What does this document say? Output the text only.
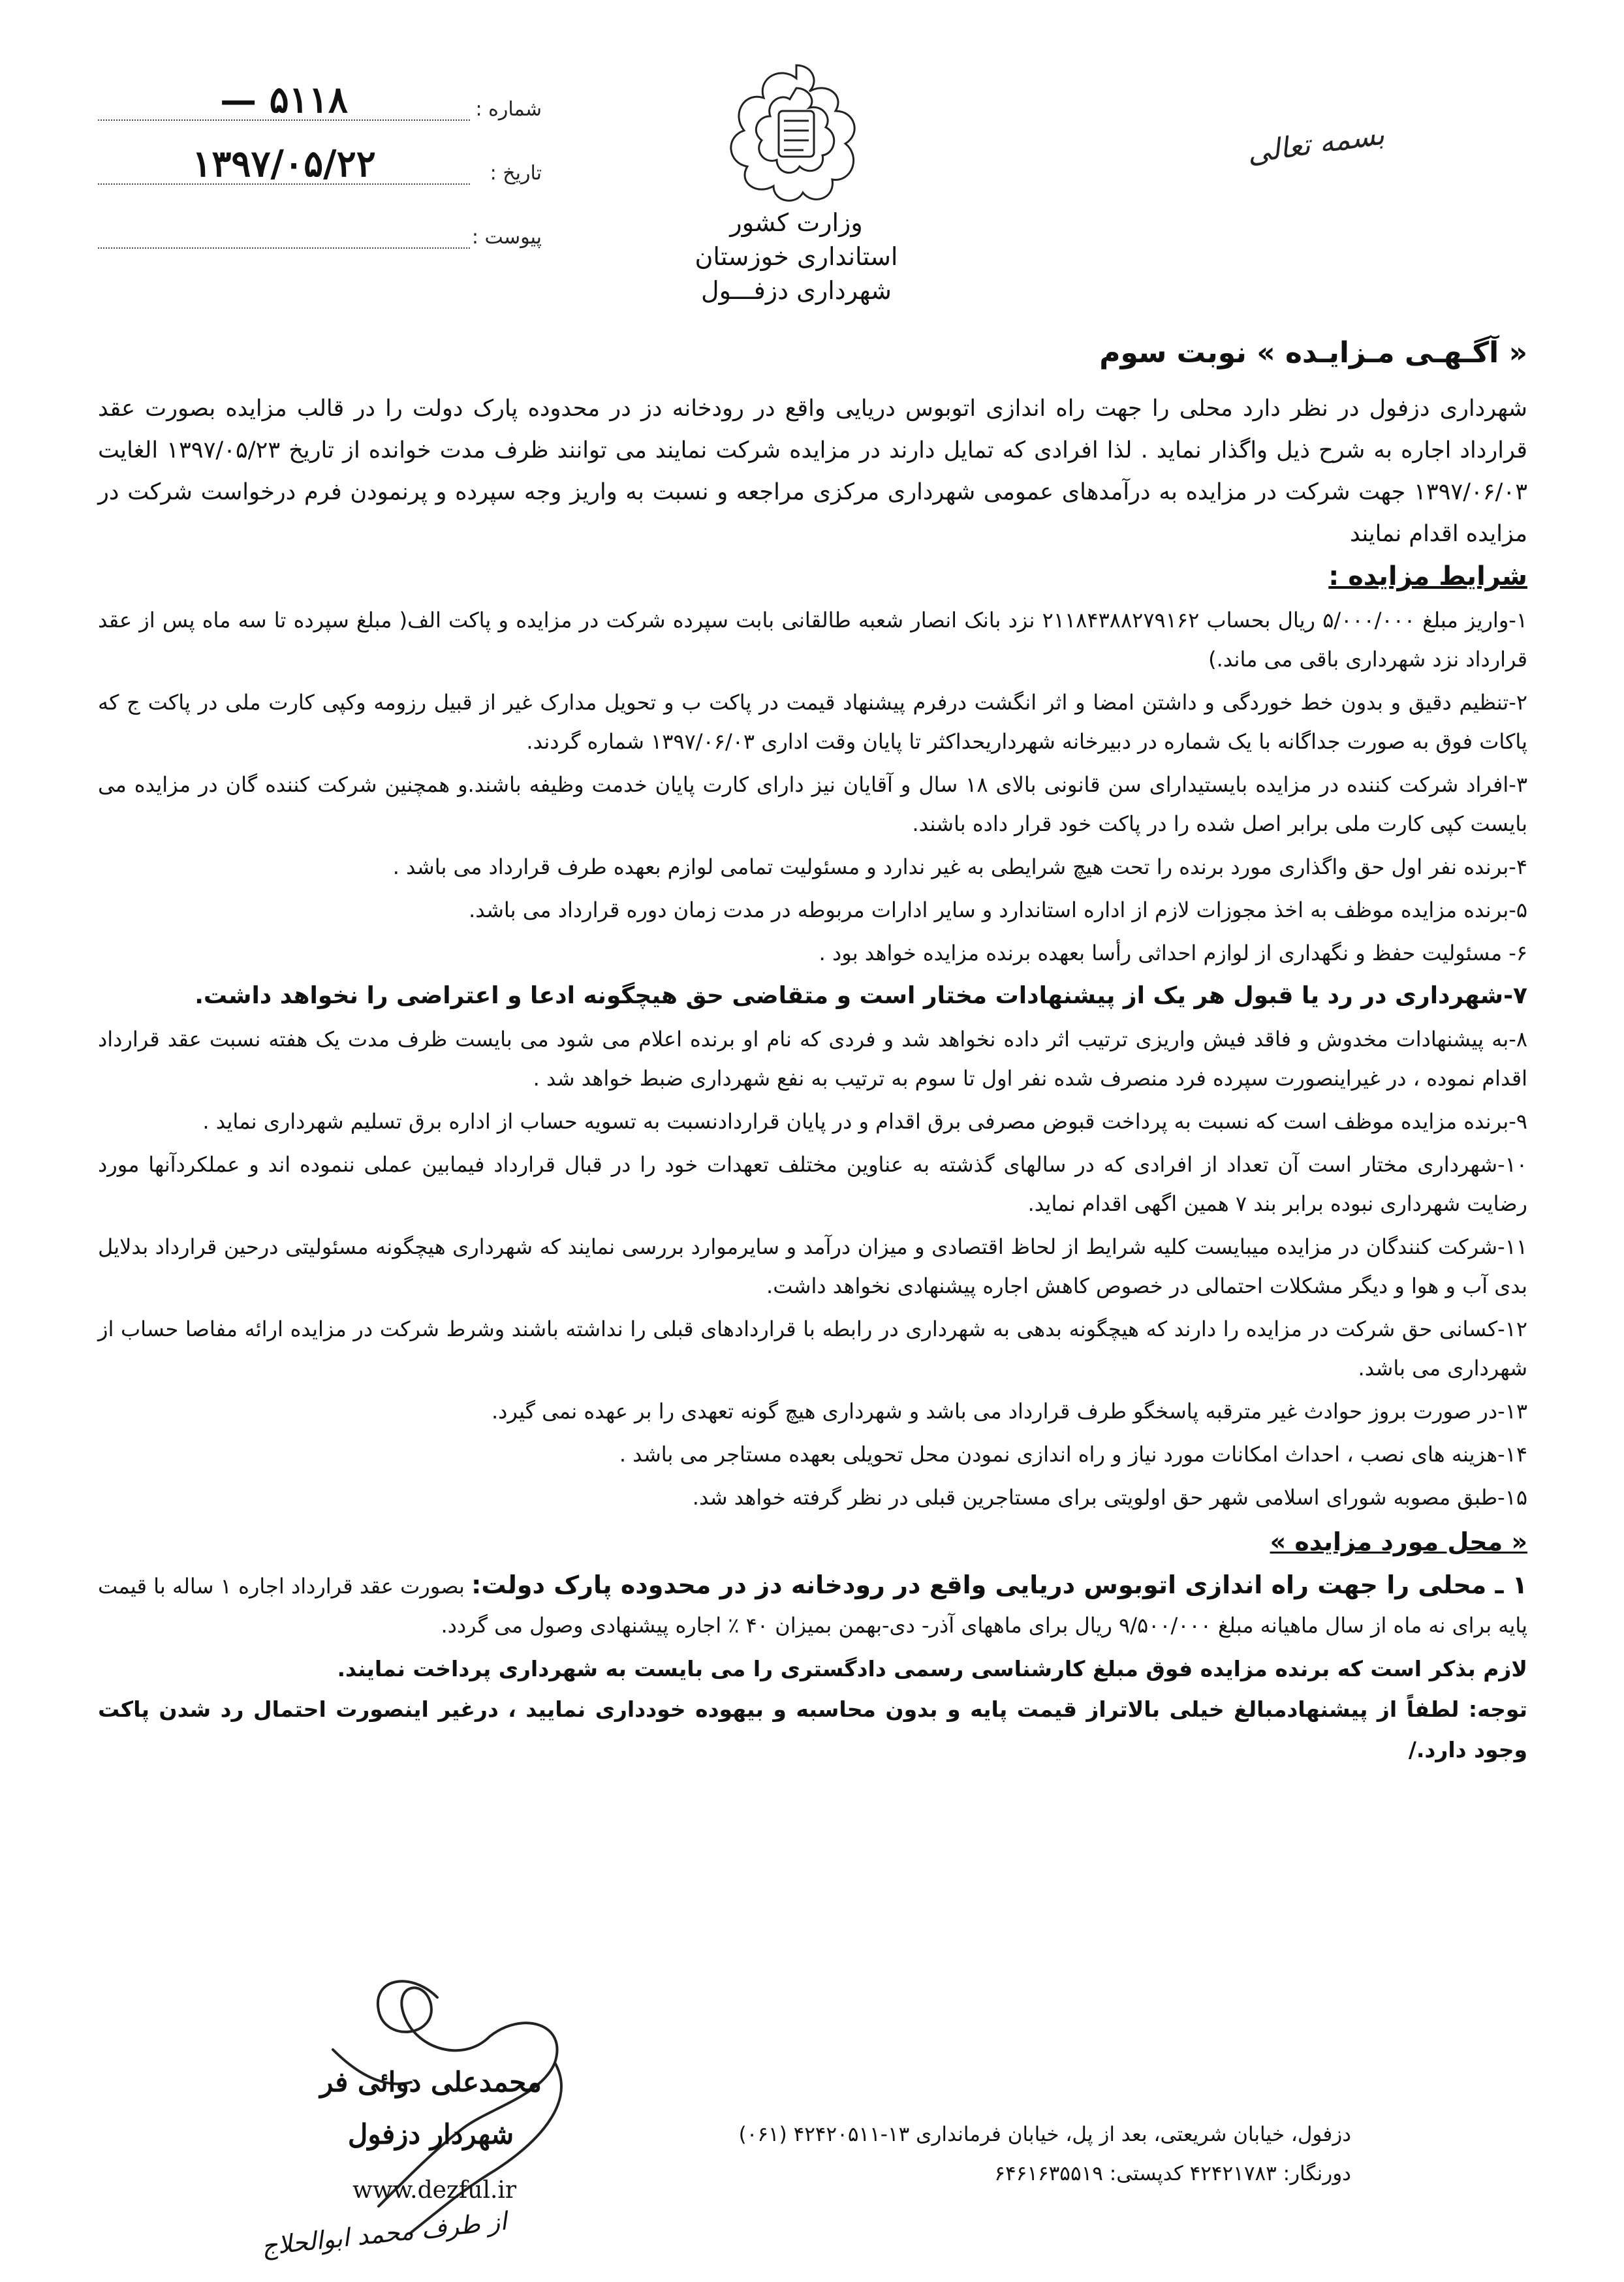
وزارت کشور
استانداری خوزستان
شهرداری دزفـــول
شماره :
۵۱۱۸ —
تاریخ :
۱۳۹۷/۰۵/۲۲
پیوست :
بسمه تعالی
« آگـهـی مـزایـده » نوبت سوم

شهرداری دزفول در نظر دارد محلی را جهت راه اندازی اتوبوس دریایی واقع در رودخانه دز در محدوده پارک دولت را در قالب مزایده بصورت عقد قرارداد اجاره به شرح ذیل واگذار نماید . لذا افرادی که تمایل دارند در مزایده شرکت نمایند می توانند ظرف مدت خوانده از تاریخ ۱۳۹۷/۰۵/۲۳ الغایت ۱۳۹۷/۰۶/۰۳ جهت شرکت در مزایده به درآمدهای عمومی شهرداری مرکزی مراجعه و نسبت به واریز وجه سپرده و پرنمودن فرم درخواست شرکت در مزایده اقدام نمایند

شرایط مزایده :

۱-واریز مبلغ ۵/۰۰۰/۰۰۰ ریال بحساب ۲۱۱۸۴۳۸۸۲۷۹۱۶۲ نزد بانک انصار شعبه طالقانی بابت سپرده شرکت در مزایده و پاکت الف( مبلغ سپرده تا سه ماه پس از عقد قرارداد نزد شهرداری باقی می ماند.)

۲-تنظیم دقیق و بدون خط خوردگی و داشتن امضا و اثر انگشت درفرم پیشنهاد قیمت در پاکت ب و تحویل مدارک غیر از قبیل رزومه وکپی کارت ملی در پاکت ج که پاکات فوق به صورت جداگانه با یک شماره در دبیرخانه شهرداریحداکثر تا پایان وقت اداری ۱۳۹۷/۰۶/۰۳ شماره گردند.

۳-افراد شرکت کننده در مزایده بایستیدارای سن قانونی بالای ۱۸ سال و آقایان نیز دارای کارت پایان خدمت وظیفه باشند.و همچنین شرکت کننده گان در مزایده می بایست کپی کارت ملی برابر اصل شده را در پاکت خود قرار داده باشند.

۴-برنده نفر اول حق واگذاری مورد برنده را تحت هیچ شرایطی به غیر ندارد و مسئولیت تمامی لوازم بعهده طرف قرارداد می باشد .

۵-برنده مزایده موظف به اخذ مجوزات لازم از اداره استاندارد و سایر ادارات مربوطه در مدت زمان دوره قرارداد می باشد.

۶- مسئولیت حفظ و نگهداری از لوازم احداثی رأسا بعهده برنده مزایده خواهد بود .

۷-شهرداری در رد یا قبول هر یک از پیشنهادات مختار است و متقاضی حق هیچگونه ادعا و اعتراضی را نخواهد داشت.

۸-به پیشنهادات مخدوش و فاقد فیش واریزی ترتیب اثر داده نخواهد شد و فردی که نام او برنده اعلام می شود می بایست ظرف مدت یک هفته نسبت عقد قرارداد اقدام نموده ، در غیراینصورت سپرده فرد منصرف شده نفر اول تا سوم به ترتیب به نفع شهرداری ضبط خواهد شد .

۹-برنده مزایده موظف است که نسبت به پرداخت قبوض مصرفی برق اقدام و در پایان قراردادنسبت به تسویه حساب از اداره برق تسلیم شهرداری نماید .

۱۰-شهرداری مختار است آن تعداد از افرادی که در سالهای گذشته به عناوین مختلف تعهدات خود را در قبال قرارداد فیمابین عملی ننموده اند و عملکردآنها مورد رضایت شهرداری نبوده برابر بند ۷ همین اگهی اقدام نماید.

۱۱-شرکت کنندگان در مزایده میبایست کلیه شرایط از لحاظ اقتصادی و میزان درآمد و سایرموارد بررسی نمایند که شهرداری هیچگونه مسئولیتی درحین قرارداد بدلایل بدی آب و هوا و دیگر مشکلات احتمالی در خصوص کاهش اجاره پیشنهادی نخواهد داشت.

۱۲-کسانی حق شرکت در مزایده را دارند که هیچگونه بدهی به شهرداری در رابطه با قراردادهای قبلی را نداشته باشند وشرط شرکت در مزایده ارائه مفاصا حساب از شهرداری می باشد.

۱۳-در صورت بروز حوادث غیر مترقبه پاسخگو طرف قرارداد می باشد و شهرداری هیچ گونه تعهدی را بر عهده نمی گیرد.

۱۴-هزینه های نصب ، احداث امکانات مورد نیاز و راه اندازی نمودن محل تحویلی بعهده مستاجر می باشد .

۱۵-طبق مصوبه شورای اسلامی شهر حق اولویتی برای مستاجرین قبلی در نظر گرفته خواهد شد.

« محل مورد مزایده »

۱ ـ محلی را جهت راه اندازی اتوبوس دریایی واقع در رودخانه دز در محدوده پارک دولت: بصورت عقد قرارداد اجاره ۱ ساله با قیمت پایه برای نه ماه از سال ماهیانه مبلغ ۹/۵۰۰/۰۰۰ ریال برای ماههای آذر- دی-بهمن بمیزان ۴۰ ٪ اجاره پیشنهادی وصول می گردد.

لازم بذکر است که برنده مزایده فوق مبلغ کارشناسی رسمی دادگستری را می بایست به شهرداری پرداخت نمایند.

توجه: لطفاً از پیشنهادمبالغ خیلی بالاتراز قیمت پایه و بدون محاسبه و بیهوده خودداری نمایید ، درغیر اینصورت احتمال رد شدن پاکت وجود دارد./

محمدعلی دوائی فر
شهردار دزفول
www.dezful.ir
از طرف محمد ابوالحلاج
دزفول، خیابان شریعتی، بعد از پل، خیابان فرمانداری ۱۳-۴۲۴۲۰۵۱۱ (۰۶۱)
دورنگار: ۴۲۴۲۱۷۸۳ کدپستی: ۶۴۶۱۶۳۵۵۱۹
